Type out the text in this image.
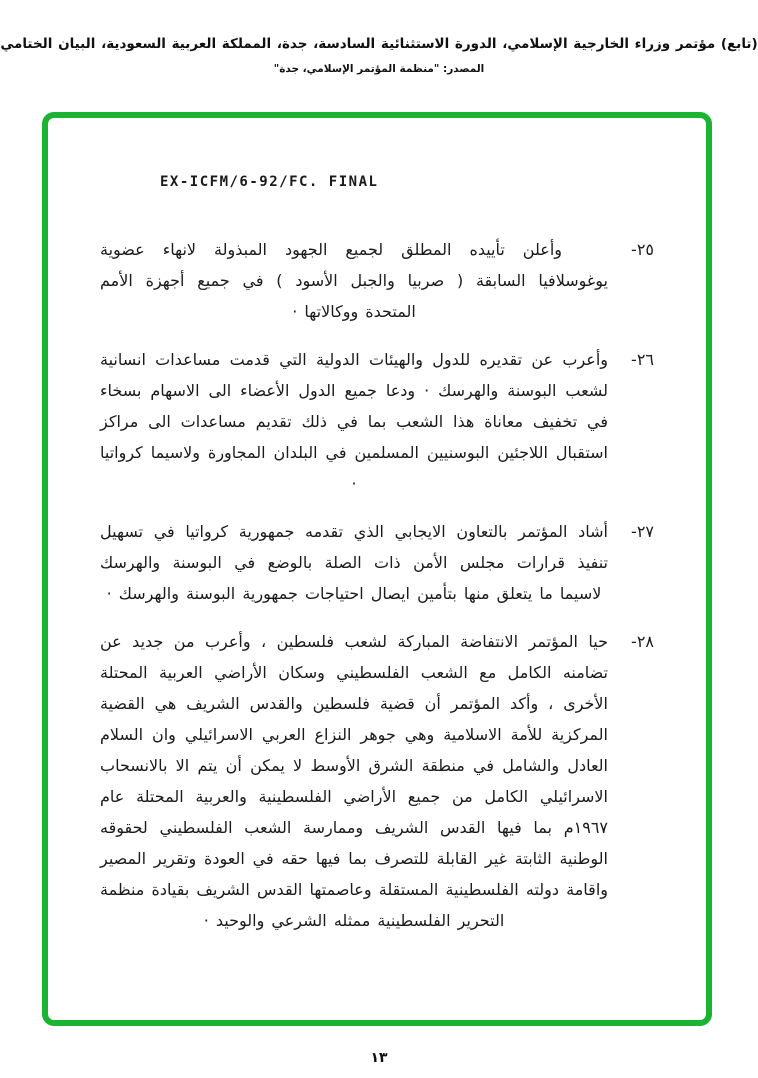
(تابع) مؤتمر وزراء الخارجية الإسلامي، الدورة الاستثنائية السادسة، جدة، المملكة العربية السعودية، البيان الختامي
المصدر: "منظمة المؤتمر الإسلامي، جدة"
EX-ICFM/6-92/FC. FINAL
٢٥-
وأعلن تأييده المطلق لجميع الجهود المبذولة لانهاء عضوية يوغوسلافيا السابقة ( صربيا والجبل الأسود ) في جميع أجهزة الأمم المتحدة ووكالاتها ·
٢٦-
وأعرب عن تقديره للدول والهيئات الدولية التي قدمت مساعدات انسانية لشعب البوسنة والهرسك · ودعا جميع الدول الأعضاء الى الاسهام بسخاء في تخفيف معاناة هذا الشعب بما في ذلك تقديم مساعدات الى مراكز استقبال اللاجئين البوسنيين المسلمين في البلدان المجاورة ولاسيما كرواتيا ·
٢٧-
أشاد المؤتمر بالتعاون الايجابي الذي تقدمه جمهورية كرواتيا في تسهيل تنفيذ قرارات مجلس الأمن ذات الصلة بالوضع في البوسنة والهرسك لاسيما ما يتعلق منها بتأمين ايصال احتياجات جمهورية البوسنة والهرسك ·
٢٨-
حيا المؤتمر الانتفاضة المباركة لشعب فلسطين ، وأعرب من جديد عن تضامنه الكامل مع الشعب الفلسطيني وسكان الأراضي العربية المحتلة الأخرى ، وأكد المؤتمر أن قضية فلسطين والقدس الشريف هي القضية المركزية للأمة الاسلامية وهي جوهر النزاع العربي الاسرائيلي وان السلام العادل والشامل في منطقة الشرق الأوسط لا يمكن أن يتم الا بالانسحاب الاسرائيلي الكامل من جميع الأراضي الفلسطينية والعربية المحتلة عام ١٩٦٧م بما فيها القدس الشريف وممارسة الشعب الفلسطيني لحقوقه الوطنية الثابتة غير القابلة للتصرف بما فيها حقه في العودة وتقرير المصير واقامة دولته الفلسطينية المستقلة وعاصمتها القدس الشريف بقيادة منظمة التحرير الفلسطينية ممثله الشرعي والوحيد ·
١٣
